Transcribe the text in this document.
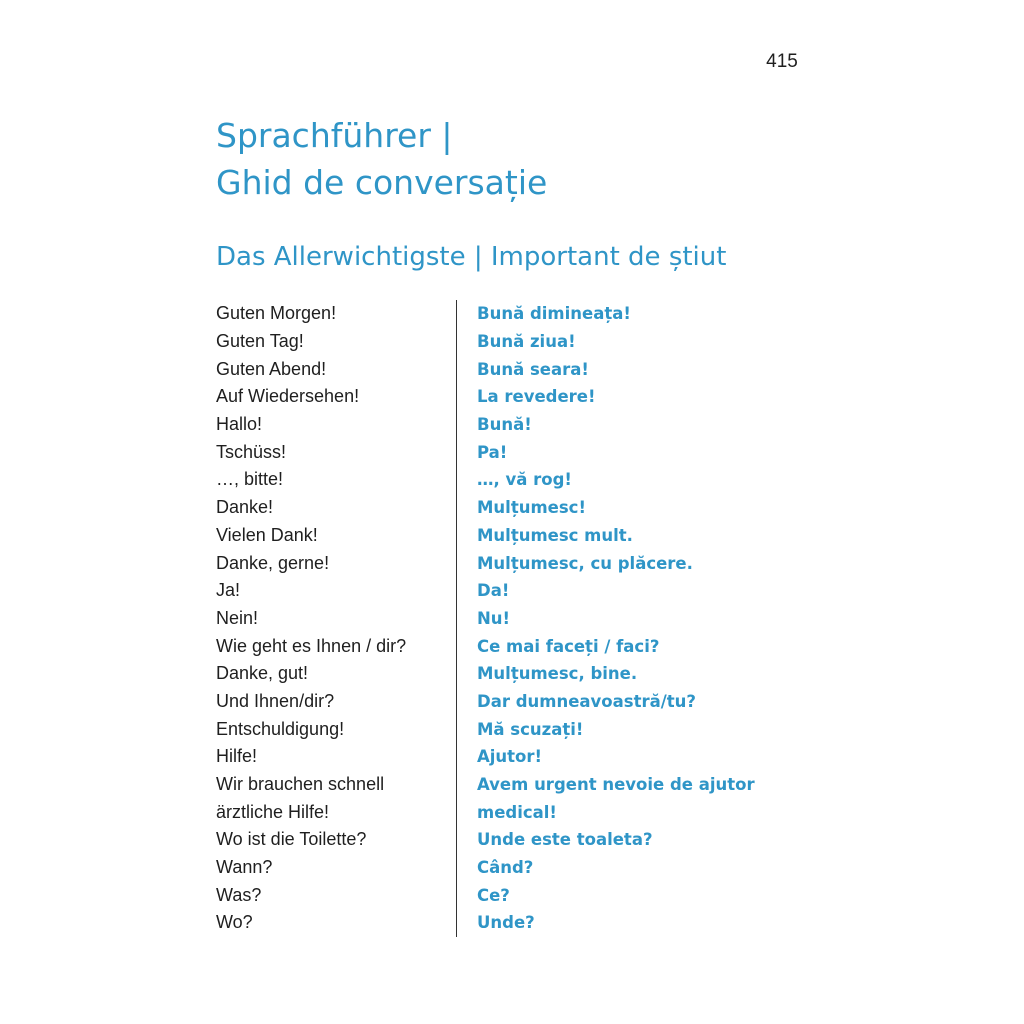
415
Sprachführer |
Ghid de conversație
Das Allerwichtigste | Important de știut
Guten Morgen!	Bună dimineața!
Guten Tag!	Bună ziua!
Guten Abend!	Bună seara!
Auf Wiedersehen!	La revedere!
Hallo!	Bună!
Tschüss!	Pa!
…, bitte!	…, vă rog!
Danke!	Mulțumesc!
Vielen Dank!	Mulțumesc mult.
Danke, gerne!	Mulțumesc, cu plăcere.
Ja!	Da!
Nein!	Nu!
Wie geht es Ihnen / dir?	Ce mai faceți / faci?
Danke, gut!	Mulțumesc, bine.
Und Ihnen/dir?	Dar dumneavoastră/tu?
Entschuldigung!	Mă scuzați!
Hilfe!	Ajutor!
Wir brauchen schnell	Avem urgent nevoie de ajutor
ärztliche Hilfe!	medical!
Wo ist die Toilette?	Unde este toaleta?
Wann?	Când?
Was?	Ce?
Wo?	Unde?
